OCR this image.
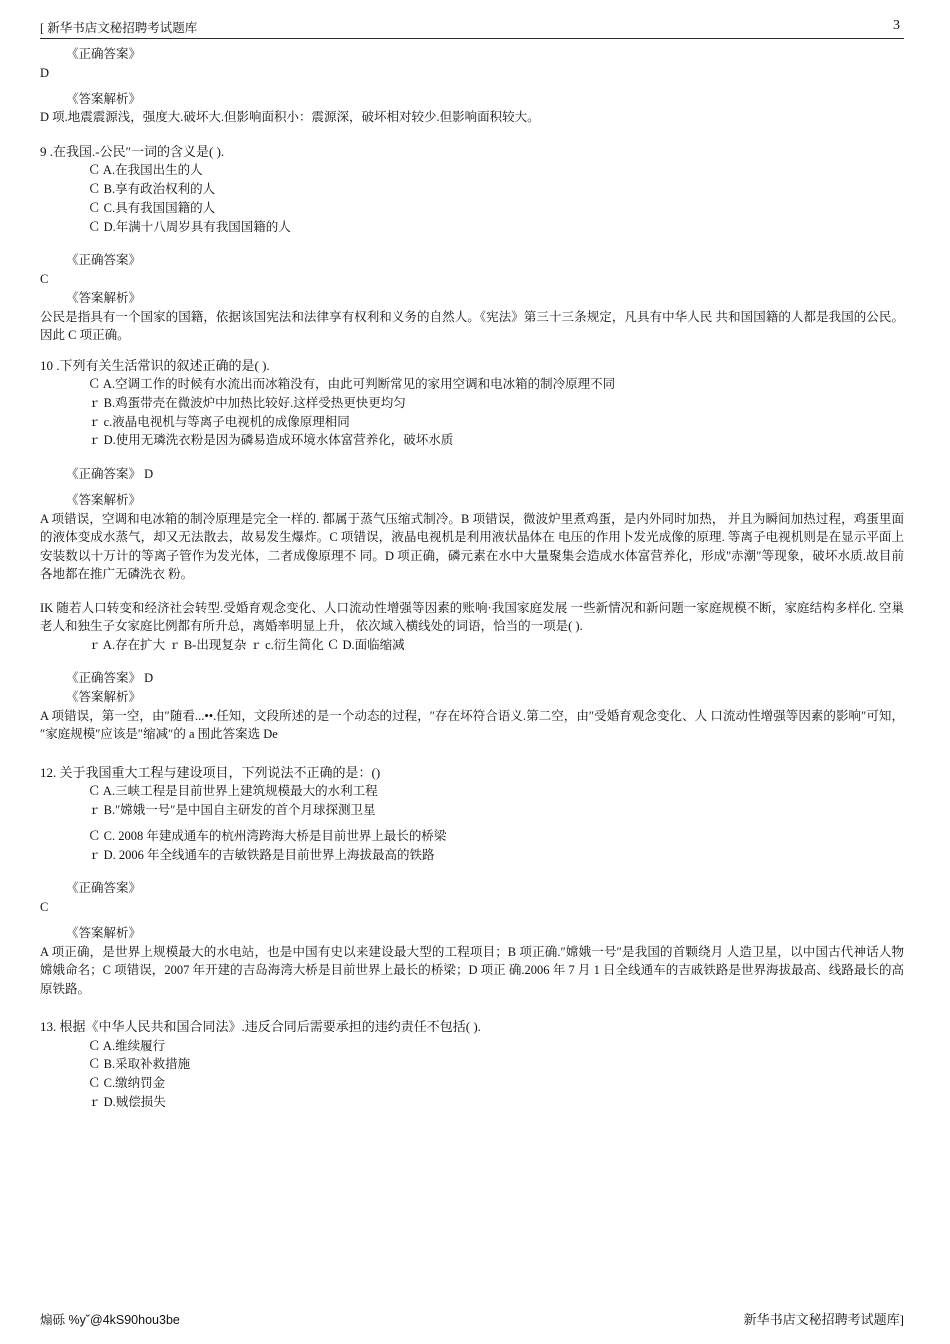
[ 新华书店文秘招聘考试题库	3
《正确答案》
D
《答案解析》
D 项.地震震源浅，强度大.破坏大.但影响面积小：震源深，破坏相对较少.但影响面积较大。
9 .在我国.-公民″一词的含义是( ).
Ｃ A.在我国出生的人
Ｃ B.享有政治权利的人
Ｃ C.具有我国国籍的人
Ｃ D.年满十八周岁具有我国国籍的人
《正确答案》
C
《答案解析》
公民是指具有一个国家的国籍，依据该国宪法和法律享有权利和义务的自然人。《宪法》第三十三条规定，凡具有中华人民 共和国国籍的人都是我国的公民。因此 C 项正确。
10 .下列有关生活常识的叙述正确的是( ).
Ｃ A.空调工作的时候有水流出而冰箱没有，由此可判断常见的家用空调和电冰箱的制冷原理不同
ｒ B.鸡蛋带壳在微波炉中加热比较好.这样受热更快更均匀
ｒ c.液晶电视机与等离子电视机的成像原理相同
ｒ D.使用无璘洗衣粉是因为磷易造成环境水体富营养化，破坏水质
《正确答案》 D
《答案解析》
A 项错误，空调和电冰箱的制冷原理是完全一样的. 都属于蒸气压缩式制冷。B 项错误，微波炉里煮鸡蛋，是内外同时加热， 并且为瞬间加热过程，鸡蛋里面的液体变成水蒸气，却又无法散去，故易发生爆炸。C 项错误，液晶电视机是利用液状晶体在 电压的作用卜发光成像的原理. 等离子电视机则是在显示平面上安装数以十万计的等离子管作为发光体，二者成像原理不 同。D 项正确，磷元素在水中大量聚集会造成水体富营养化，形成''赤潮″等现象，破坏水质.故目前各地都在推广无磷洗衣 粉。
IK 随若人口转变和经济社会转型.受婚育观念变化、人口流动性增强等因素的账响·我国家庭发展 一些新情况和新问题一家庭规模不断，家庭结构多样化. 空巢老人和独生子女家庭比例都有所升总，离婚率明显上升， 依次域入横线处的词语，恰当的一项是( ).
ｒ A.存在扩大 ｒ B-出现复杂 ｒ c.衍生简化 Ｃ D.面临缩减
《正确答案》 D
《答案解析》
A 项错误，第一空，由″随看...••.任知，文段所述的是一个动态的过程，″存在坏符合语义.第二空，由″受婚育观念变化、人 口流动性增强等因素的影响″可知，″家庭规模″应该是″缩减″的 a 围此答案选 De
12. 关于我国重大工程与建设项目，下列说法不正确的是：()
Ｃ A.三峡工程是目前世界上建筑规模最大的水利工程
ｒ B.″嫦娥一号″是中国自主研发的首个月球探测卫星
Ｃ C. 2008 年建成通车的杭州湾跨海大桥是目前世界上最长的桥梁
ｒ D. 2006 年全线通车的吉敏铁路是目前世界上海拔最高的铁路
《正确答案》
C
《答案解析》
A 项正确，是世界上规模最大的水电站，也是中国有史以来建设最大型的工程项目；B 项正确.″嫦娥一号″是我国的首颗绕月 人造卫星，以中国古代神话人物嫦娥命名；C 项错误，2007 年开建的吉岛海湾大桥是目前世界上最长的桥梁；D 项正 确.2006 年 7 月 1 日全线通车的吉戚铁路是世界海拔最高、线路最长的高原铁路。
13. 根据《中华人民共和国合同法》.违反合同后需要承担的违约责任不包括( ).
Ｃ A.维续履行
Ｃ B.采取补救措施
Ｃ C.缴纳罚金
ｒ D.贼偿损失
煽砾 %y˘@4kS90hou3be	新华书店文秘招聘考试题库]
